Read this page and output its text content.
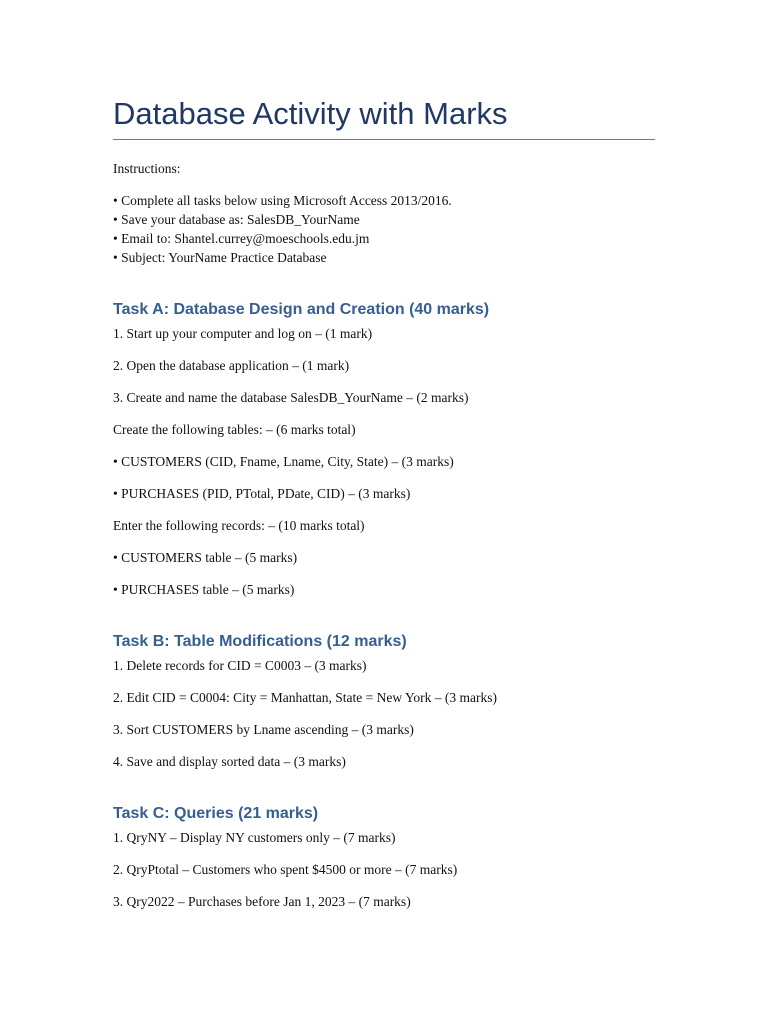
Database Activity with Marks

Instructions:

• Complete all tasks below using Microsoft Access 2013/2016.

• Save your database as: SalesDB_YourName

• Email to: Shantel.currey@moeschools.edu.jm

• Subject: YourName Practice Database

Task A: Database Design and Creation (40 marks)

1. Start up your computer and log on – (1 mark)

2. Open the database application – (1 mark)

3. Create and name the database SalesDB_YourName – (2 marks)

Create the following tables: – (6 marks total)

• CUSTOMERS (CID, Fname, Lname, City, State) – (3 marks)

• PURCHASES (PID, PTotal, PDate, CID) – (3 marks)

Enter the following records: – (10 marks total)

• CUSTOMERS table – (5 marks)

• PURCHASES table – (5 marks)

Task B: Table Modifications (12 marks)

1. Delete records for CID = C0003 – (3 marks)

2. Edit CID = C0004: City = Manhattan, State = New York – (3 marks)

3. Sort CUSTOMERS by Lname ascending – (3 marks)

4. Save and display sorted data – (3 marks)

Task C: Queries (21 marks)

1. QryNY – Display NY customers only – (7 marks)

2. QryPtotal – Customers who spent $4500 or more – (7 marks)

3. Qry2022 – Purchases before Jan 1, 2023 – (7 marks)
